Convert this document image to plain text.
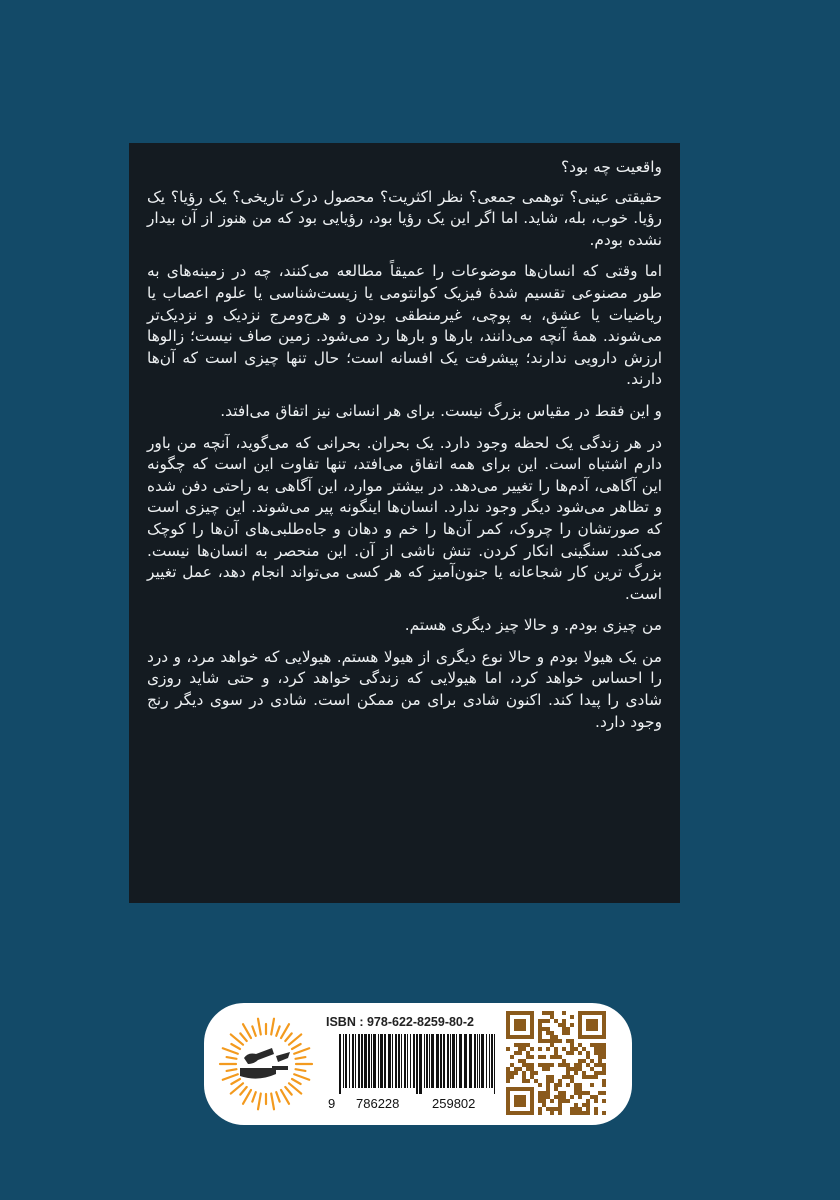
واقعیت چه بود؟

حقیقتی عینی؟ توهمی جمعی؟ نظر اکثریت؟ محصول درک تاریخی؟ یک رؤیا؟ یک رؤیا. خوب، بله، شاید. اما اگر این یک رؤیا بود، رؤیایی بود که من هنوز از آن بیدار نشده بودم.

اما وقتی که انسان‌ها موضوعات را عمیقاً مطالعه می‌کنند، چه در زمینه‌های به طور مصنوعی تقسیم شدهٔ فیزیک کوانتومی یا زیست‌شناسی یا علوم اعصاب یا ریاضیات یا عشق، به پوچی، غیرمنطقی بودن و هرج‌ومرج نزدیک و نزدیک‌تر می‌شوند. همهٔ آنچه می‌دانند، بارها و بارها رد می‌شود. زمین صاف نیست؛ زالوها ارزش دارویی ندارند؛ پیشرفت یک افسانه است؛ حال تنها چیزی است که آن‌ها دارند.

و این فقط در مقیاس بزرگ نیست. برای هر انسانی نیز اتفاق می‌افتد.

در هر زندگی یک لحظه وجود دارد. یک بحران. بحرانی که می‌گوید، آنچه من باور دارم اشتباه است. این برای همه اتفاق می‌افتد، تنها تفاوت این است که چگونه این آگاهی، آدم‌ها را تغییر می‌دهد. در بیشتر موارد، این آگاهی به راحتی دفن شده و تظاهر می‌شود دیگر وجود ندارد. انسان‌ها اینگونه پیر می‌شوند. این چیزی است که صورتشان را چروک، کمر آن‌ها را خم و دهان و جاه‌طلبی‌های آن‌ها را کوچک می‌کند. سنگینی انکار کردن. تنش ناشی از آن. این منحصر به انسان‌ها نیست. بزرگ ترین کار شجاعانه یا جنون‌آمیز که هر کسی می‌تواند انجام دهد، عمل تغییر است.

من چیزی بودم. و حالا چیز دیگری هستم.

من یک هیولا بودم و حالا نوع دیگری از هیولا هستم. هیولایی که خواهد مرد، و درد را احساس خواهد کرد، اما هیولایی که زندگی خواهد کرد، و حتی شاید روزی شادی را پیدا کند. اکنون شادی برای من ممکن است. شادی در سوی دیگر رنج وجود دارد.

ISBN : 978-622-8259-80-2
9 786228	259802
